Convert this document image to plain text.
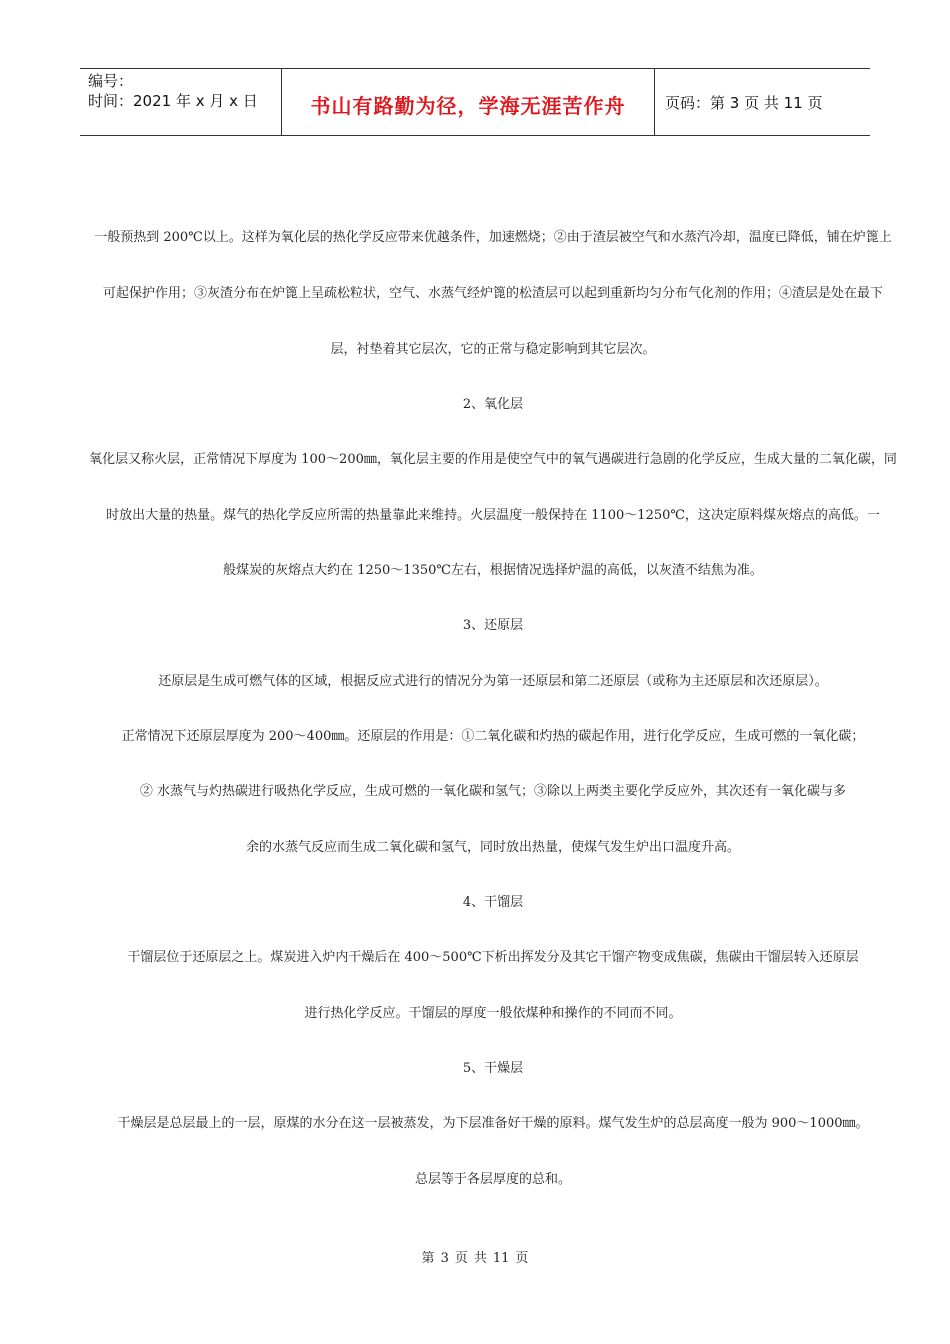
编号：
时间：2021 年 x 月 x 日	书山有路勤为径，学海无涯苦作舟	页码：第 3 页 共 11 页
一般预热到 200℃以上。这样为氧化层的热化学反应带来优越条件，加速燃烧；②由于渣层被空气和水蒸汽冷却，温度已降低，铺在炉篦上
可起保护作用；③灰渣分布在炉篦上呈疏松粒状，空气、水蒸气经炉篦的松渣层可以起到重新均匀分布气化剂的作用；④渣层是处在最下
层，衬垫着其它层次，它的正常与稳定影响到其它层次。
2、氧化层
氧化层又称火层，正常情况下厚度为 100～200㎜，氧化层主要的作用是使空气中的氧气遇碳进行急剧的化学反应，生成大量的二氧化碳，同
时放出大量的热量。煤气的热化学反应所需的热量靠此来维持。火层温度一般保持在 1100～1250℃，这决定原料煤灰熔点的高低。一
般煤炭的灰熔点大约在 1250～1350℃左右，根据情况选择炉温的高低，以灰渣不结焦为准。
3、还原层
还原层是生成可燃气体的区域，根据反应式进行的情况分为第一还原层和第二还原层（或称为主还原层和次还原层）。
正常情况下还原层厚度为 200～400㎜。还原层的作用是：①二氧化碳和灼热的碳起作用，进行化学反应，生成可燃的一氧化碳；
② 水蒸气与灼热碳进行吸热化学反应，生成可燃的一氧化碳和氢气；③除以上两类主要化学反应外，其次还有一氧化碳与多
余的水蒸气反应而生成二氧化碳和氢气，同时放出热量，使煤气发生炉出口温度升高。
4、干馏层
干馏层位于还原层之上。煤炭进入炉内干燥后在 400～500℃下析出挥发分及其它干馏产物变成焦碳，焦碳由干馏层转入还原层
进行热化学反应。干馏层的厚度一般依煤种和操作的不同而不同。
5、干燥层
干燥层是总层最上的一层，原煤的水分在这一层被蒸发，为下层准备好干燥的原料。煤气发生炉的总层高度一般为 900～1000㎜。
总层等于各层厚度的总和。
第 3 页 共 11 页
